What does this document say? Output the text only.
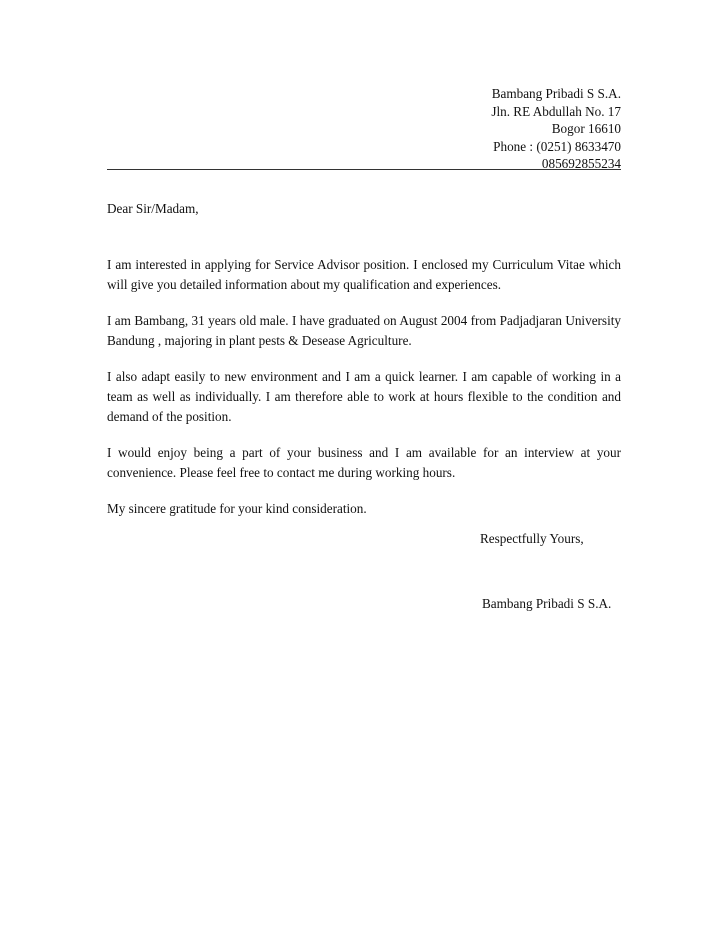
Bambang Pribadi S S.A.
Jln. RE Abdullah No. 17
Bogor 16610
Phone : (0251) 8633470
085692855234

Dear Sir/Madam,

I am interested in applying for Service Advisor position. I enclosed my Curriculum Vitae which will give you detailed information about my qualification and experiences.

I am Bambang, 31 years old male. I have graduated on August 2004 from Padjadjaran University Bandung , majoring in plant pests & Desease Agriculture.

I also adapt easily to new environment and I am a quick learner. I am capable of working in a team as well as individually. I am therefore able to work at hours flexible to the condition and demand of the position.

I would enjoy being a part of your business and I am available for an interview at your convenience. Please feel free to contact me during working hours.

My sincere gratitude for your kind consideration.

Respectfully Yours,
Bambang Pribadi S S.A.
